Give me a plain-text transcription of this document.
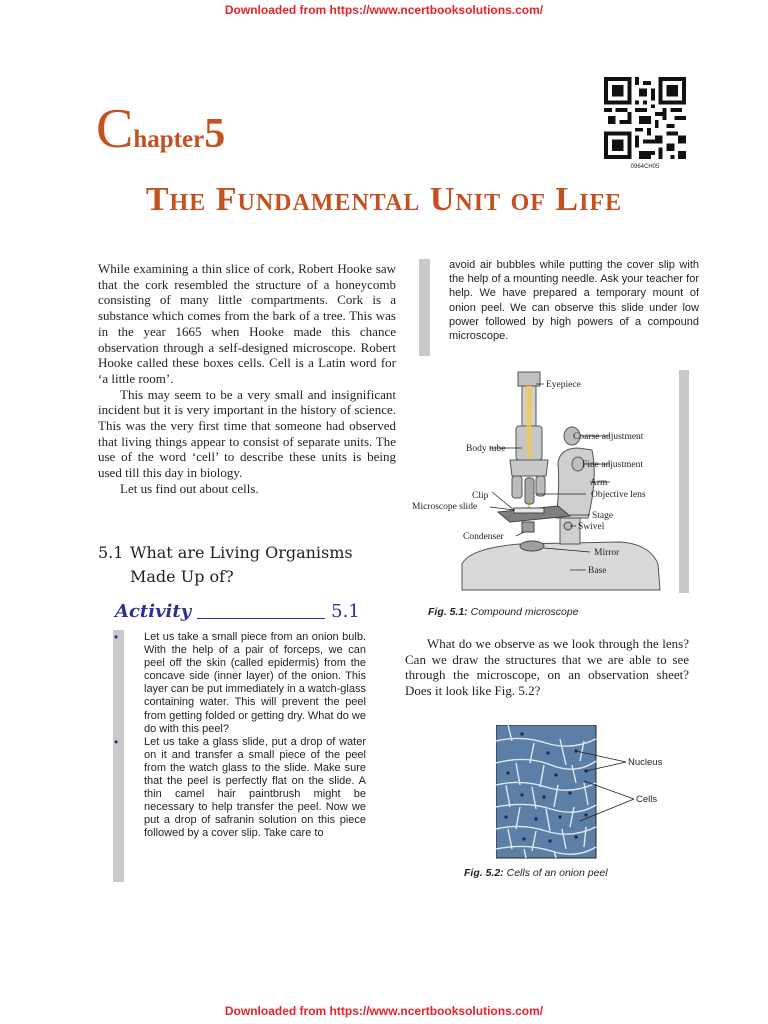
Downloaded from https://www.ncertbooksolutions.com/
Chapter5
0964CH05
The Fundamental Unit of Life

While examining a thin slice of cork, Robert Hooke saw that the cork resembled the structure of a honeycomb consisting of many little compartments. Cork is a substance which comes from the bark of a tree. This was in the year 1665 when Hooke made this chance observation through a self-designed microscope. Robert Hooke called these boxes cells. Cell is a Latin word for ‘a little room’.

This may seem to be a very small and insignificant incident but it is very important in the history of science. This was the very first time that someone had observed that living things appear to consist of separate units. The use of the word ‘cell’ to describe these units is being used till this day in biology.

Let us find out about cells.

5.1 What are Living Organisms
Made Up of?
Activity	5.1
• Let us take a small piece from an onion bulb. With the help of a pair of forceps, we can peel off the skin (called epidermis) from the concave side (inner layer) of the onion. This layer can be put immediately in a watch-glass containing water. This will prevent the peel from getting folded or getting dry. What do we do with this peel?
• Let us take a glass slide, put a drop of water on it and transfer a small piece of the peel from the watch glass to the slide. Make sure that the peel is perfectly flat on the slide. A thin camel hair paintbrush might be necessary to help transfer the peel. Now we put a drop of safranin solution on this piece followed by a cover slip. Take care to
avoid air bubbles while putting the cover slip with the help of a mounting needle. Ask your teacher for help. We have prepared a temporary mount of onion peel. We can observe this slide under low power followed by high powers of a compound microscope.
Eyepiece
Body tube
Coarse adjustment
Fine adjustment
Arm
Objective lens
Clip
Microscope slide
Stage
Swivel
Condenser
Mirror
Base
Fig. 5.1: Compound microscope
What do we observe as we look through the lens? Can we draw the structures that we are able to see through the microscope, on an observation sheet? Does it look like Fig. 5.2?
Nucleus
Cells
Fig. 5.2: Cells of an onion peel
Downloaded from https://www.ncertbooksolutions.com/
